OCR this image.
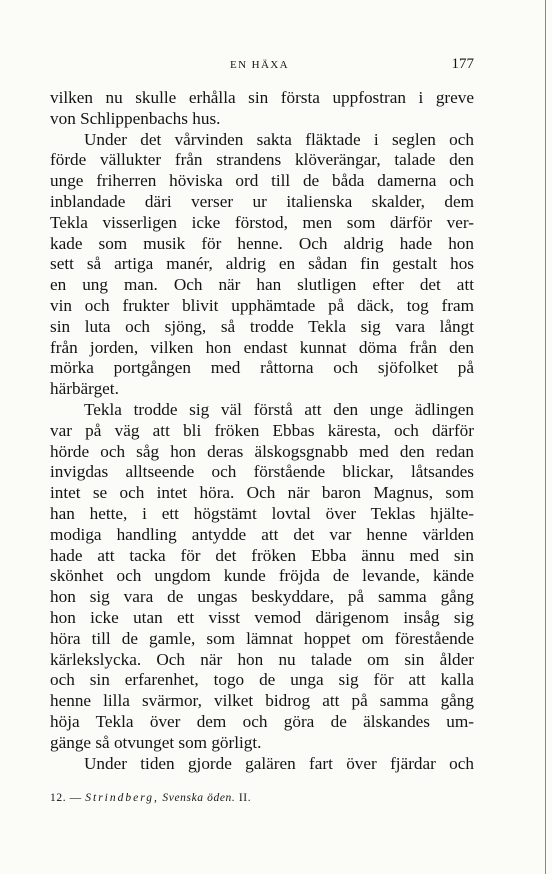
EN HÄXA	177
vilken nu skulle erhålla sin första uppfostran i greve
von Schlippenbachs hus.
Under det vårvinden sakta fläktade i seglen och
förde vällukter från strandens klöverängar, talade den
unge friherren höviska ord till de båda damerna och
inblandade däri verser ur italienska skalder, dem
Tekla visserligen icke förstod, men som därför ver-
kade som musik för henne. Och aldrig hade hon
sett så artiga manér, aldrig en sådan fin gestalt hos
en ung man. Och när han slutligen efter det att
vin och frukter blivit upphämtade på däck, tog fram
sin luta och sjöng, så trodde Tekla sig vara långt
från jorden, vilken hon endast kunnat döma från den
mörka portgången med råttorna och sjöfolket på
härbärget.
Tekla trodde sig väl förstå att den unge ädlingen
var på väg att bli fröken Ebbas käresta, och därför
hörde och såg hon deras älskogsgnabb med den redan
invigdas alltseende och förstående blickar, låtsandes
intet se och intet höra. Och när baron Magnus, som
han hette, i ett högstämt lovtal över Teklas hjälte-
modiga handling antydde att det var henne världen
hade att tacka för det fröken Ebba ännu med sin
skönhet och ungdom kunde fröjda de levande, kände
hon sig vara de ungas beskyddare, på samma gång
hon icke utan ett visst vemod därigenom insåg sig
höra till de gamle, som lämnat hoppet om förestående
kärlekslycka. Och när hon nu talade om sin ålder
och sin erfarenhet, togo de unga sig för att kalla
henne lilla svärmor, vilket bidrog att på samma gång
höja Tekla över dem och göra de älskandes um-
gänge så otvunget som görligt.
Under tiden gjorde galären fart över fjärdar och
12. — Strindberg, Svenska öden. II.
